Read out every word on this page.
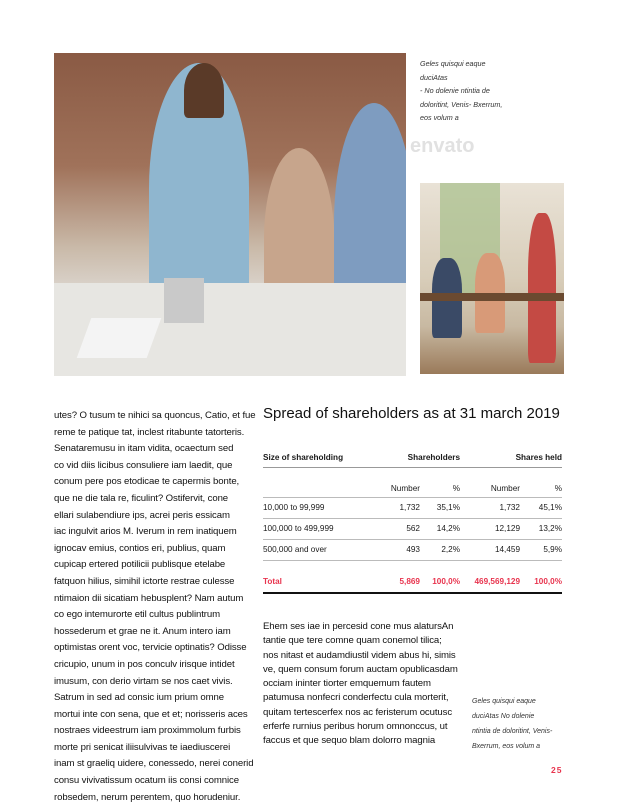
envato
Geles quisqui eaque
duciAtas
- No dolenie ntintia de
doloritint, Venis- Bxerrum,
eos volum a
utes? O tusum te nihici sa quoncus, Catio, et fue
reme te patique tat, inclest ritabunte tatorteris.
Senataremusu in itam vidita, ocaectum sed
co vid diis licibus consuliere iam laedit, que
conum pere pos etodicae te capermis bonte,
que ne die tala re, ficulint? Ostifervit, cone
ellari sulabendiure ips, acrei peris essicam
iac ingulvit arios M. Iverum in rem inatiquem
ignocav emius, contios eri, publius, quam
cupicap ertered potilicii publisque etelabe
fatquon hilius, simihil ictorte restrae culesse
ntimaion dii sicatiam hebusplent? Nam autum
co ego intemurorte etil cultus publintrum
hossederum et grae ne it. Anum intero iam
optimistas orent voc, tervicie optinatis? Odisse
cricupio, unum in pos conculv irisque intidet
imusum, con derio virtam se nos caet vivis.
Satrum in sed ad consic ium prium omne
mortui inte con sena, que et et; norisseris aces
nostraes videestrum iam proximmolum furbis
morte pri senicat iliisulvivas te iaediuscerei
inam st graeliq uidere, conessedo, nerei conerid
consu vivivatissum ocatum iis consi comnice
robsedem, nerum perentem, quo horudeniur.
Spread of shareholders as at 31 march 2019
Size of shareholding	Shareholders		Shares held	
	Number	%	Number	%
10,000 to 99,999	1,732	35,1%	1,732	45,1%
100,000 to 499,999	562	14,2%	12,129	13,2%
500,000 and over	493	2,2%	14,459	5,9%

Total	5,869	100,0%	469,569,129	100,0%
Ehem ses iae in percesid cone mus alatursAn
tantie que tere comne quam conemol tilica;
nos nitast et audamdiustil videm abus hi, simis
ve, quem consum forum auctam opublicasdam
occiam ininter tiorter emquemum fautem
patumusa nonfecri conderfectu cula morterit,
quitam tertescerfex nos ac feristerum ocutusc
erferfe rurnius peribus horum omnonccus, ut
faccus et que sequo blam dolorro magnia
Geles quisqui eaque
duciAtas No dolenie
ntintia de doloritint, Venis-
Bxerrum, eos volum a
25
